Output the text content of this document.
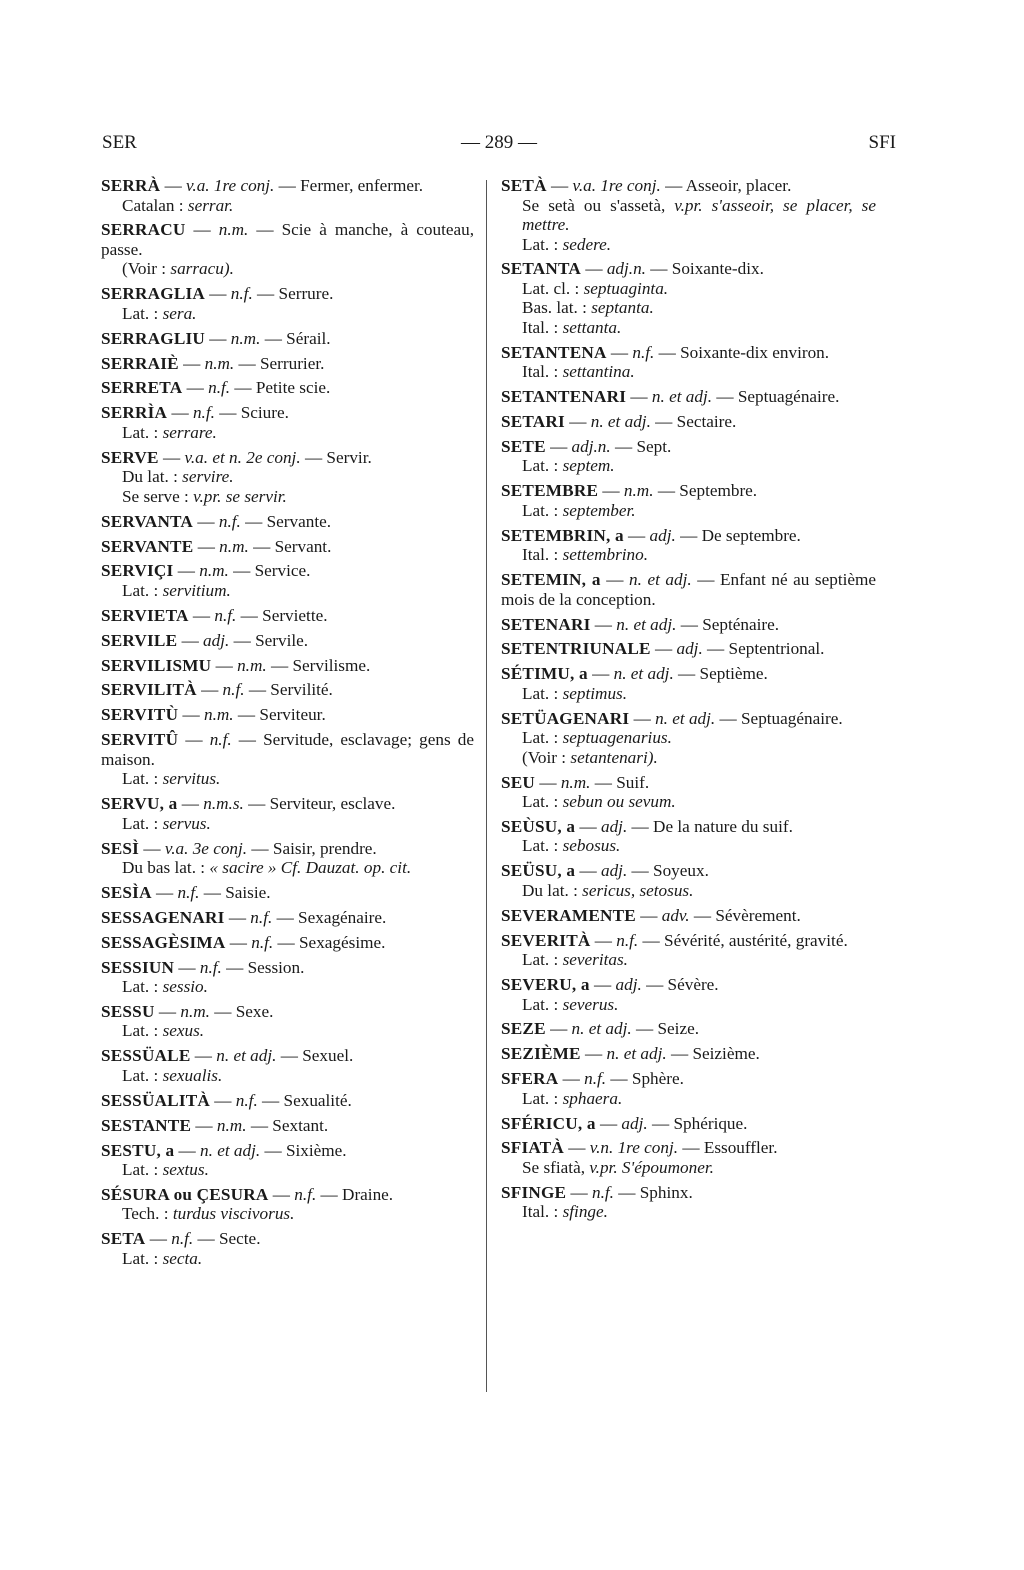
SER	— 289 —	SFI

SERRÀ — v.a. 1re conj. — Fermer, enfermer.

Catalan : serrar.

SERRACU — n.m. — Scie à manche, à couteau, passe.

(Voir : sarracu).

SERRAGLIA — n.f. — Serrure.

Lat. : sera.

SERRAGLIU — n.m. — Sérail.

SERRAIÈ — n.m. — Serrurier.

SERRETA — n.f. — Petite scie.

SERRÌA — n.f. — Sciure.

Lat. : serrare.

SERVE — v.a. et n. 2e conj. — Servir.

Du lat. : servire.

Se serve : v.pr. se servir.

SERVANTA — n.f. — Servante.

SERVANTE — n.m. — Servant.

SERVIÇI — n.m. — Service.

Lat. : servitium.

SERVIETA — n.f. — Serviette.

SERVILE — adj. — Servile.

SERVILISMU — n.m. — Servilisme.

SERVILITÀ — n.f. — Servilité.

SERVITÙ — n.m. — Serviteur.

SERVITÛ — n.f. — Servitude, esclavage; gens de maison.

Lat. : servitus.

SERVU, a — n.m.s. — Serviteur, esclave.

Lat. : servus.

SESÌ — v.a. 3e conj. — Saisir, prendre.

Du bas lat. : « sacire » Cf. Dauzat. op. cit.

SESÌA — n.f. — Saisie.

SESSAGENARI — n.f. — Sexagénaire.

SESSAGÈSIMA — n.f. — Sexagésime.

SESSIUN — n.f. — Session.

Lat. : sessio.

SESSU — n.m. — Sexe.

Lat. : sexus.

SESSÜALE — n. et adj. — Sexuel.

Lat. : sexualis.

SESSÜALITÀ — n.f. — Sexualité.

SESTANTE — n.m. — Sextant.

SESTU, a — n. et adj. — Sixième.

Lat. : sextus.

SÉSURA ou ÇESURA — n.f. — Draine.

Tech. : turdus viscivorus.

SETA — n.f. — Secte.

Lat. : secta.

SETÀ — v.a. 1re conj. — Asseoir, placer.

Se setà ou s'assetà, v.pr. s'asseoir, se placer, se mettre.

Lat. : sedere.

SETANTA — adj.n. — Soixante-dix.

Lat. cl. : septuaginta.

Bas. lat. : septanta.

Ital. : settanta.

SETANTENA — n.f. — Soixante-dix environ.

Ital. : settantina.

SETANTENARI — n. et adj. — Septuagénaire.

SETARI — n. et adj. — Sectaire.

SETE — adj.n. — Sept.

Lat. : septem.

SETEMBRE — n.m. — Septembre.

Lat. : september.

SETEMBRIN, a — adj. — De septembre.

Ital. : settembrino.

SETEMIN, a — n. et adj. — Enfant né au septième mois de la conception.

SETENARI — n. et adj. — Septénaire.

SETENTRIUNALE — adj. — Septentrional.

SÉTIMU, a — n. et adj. — Septième.

Lat. : septimus.

SETÜAGENARI — n. et adj. — Septuagénaire.

Lat. : septuagenarius.

(Voir : setantenari).

SEU — n.m. — Suif.

Lat. : sebun ou sevum.

SEÙSU, a — adj. — De la nature du suif.

Lat. : sebosus.

SEÜSU, a — adj. — Soyeux.

Du lat. : sericus, setosus.

SEVERAMENTE — adv. — Sévèrement.

SEVERITÀ — n.f. — Sévérité, austérité, gravité.

Lat. : severitas.

SEVERU, a — adj. — Sévère.

Lat. : severus.

SEZE — n. et adj. — Seize.

SEZIÈME — n. et adj. — Seizième.

SFERA — n.f. — Sphère.

Lat. : sphaera.

SFÉRICU, a — adj. — Sphérique.

SFIATÀ — v.n. 1re conj. — Essouffler.

Se sfiatà, v.pr. S'époumoner.

SFINGE — n.f. — Sphinx.

Ital. : sfinge.
